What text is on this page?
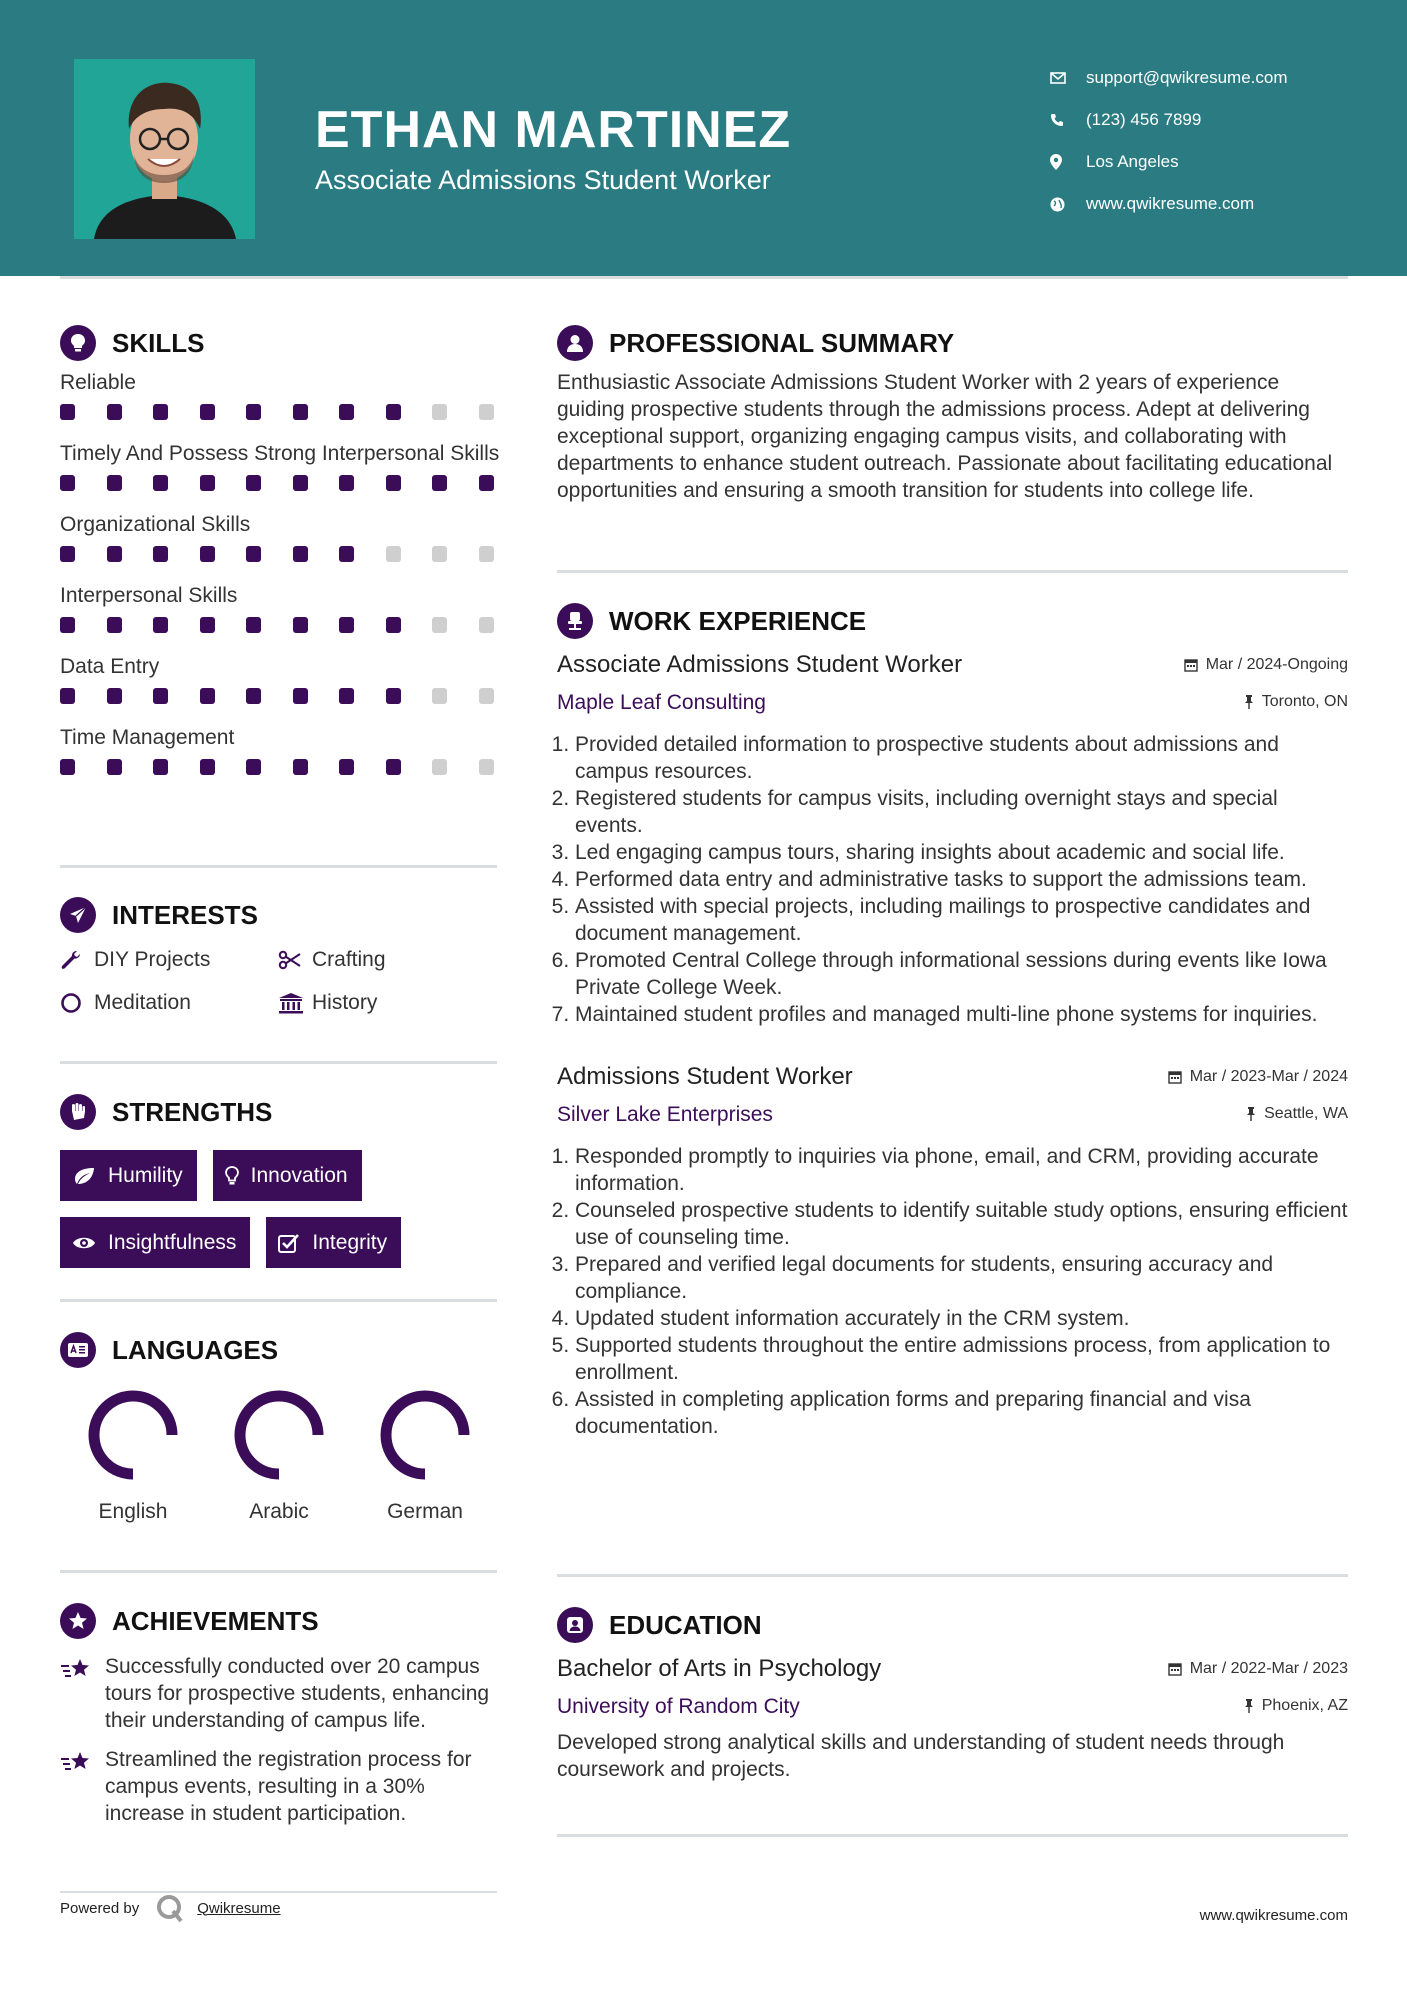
ETHAN MARTINEZ
Associate Admissions Student Worker
support@qwikresume.com
(123) 456 7899
Los Angeles
www.qwikresume.com
SKILLS
Reliable
Timely And Possess Strong Interpersonal Skills
Organizational Skills
Interpersonal Skills
Data Entry
Time Management
INTERESTS
DIY Projects	Crafting
Meditation	History
STRENGTHS
Humility	Innovation
Insightfulness	Integrity
LANGUAGES
English	Arabic	German
ACHIEVEMENTS
Successfully conducted over 20 campus tours for prospective students, enhancing their understanding of campus life.
Streamlined the registration process for campus events, resulting in a 30% increase in student participation.
PROFESSIONAL SUMMARY

Enthusiastic Associate Admissions Student Worker with 2 years of experience guiding prospective students through the admissions process. Adept at delivering exceptional support, organizing engaging campus visits, and collaborating with departments to enhance student outreach. Passionate about facilitating educational opportunities and ensuring a smooth transition for students into college life.

WORK EXPERIENCE
Associate Admissions Student Worker	Mar / 2024-Ongoing
Maple Leaf Consulting	Toronto, ON
1. Provided detailed information to prospective students about admissions and campus resources.
2. Registered students for campus visits, including overnight stays and special events.
3. Led engaging campus tours, sharing insights about academic and social life.
4. Performed data entry and administrative tasks to support the admissions team.
5. Assisted with special projects, including mailings to prospective candidates and document management.
6. Promoted Central College through informational sessions during events like Iowa Private College Week.
7. Maintained student profiles and managed multi-line phone systems for inquiries.
Admissions Student Worker	Mar / 2023-Mar / 2024
Silver Lake Enterprises	Seattle, WA
1. Responded promptly to inquiries via phone, email, and CRM, providing accurate information.
2. Counseled prospective students to identify suitable study options, ensuring efficient use of counseling time.
3. Prepared and verified legal documents for students, ensuring accuracy and compliance.
4. Updated student information accurately in the CRM system.
5. Supported students throughout the entire admissions process, from application to enrollment.
6. Assisted in completing application forms and preparing financial and visa documentation.
EDUCATION
Bachelor of Arts in Psychology	Mar / 2022-Mar / 2023
University of Random City	Phoenix, AZ

Developed strong analytical skills and understanding of student needs through coursework and projects.

Powered by	Qwikresume	www.qwikresume.com
